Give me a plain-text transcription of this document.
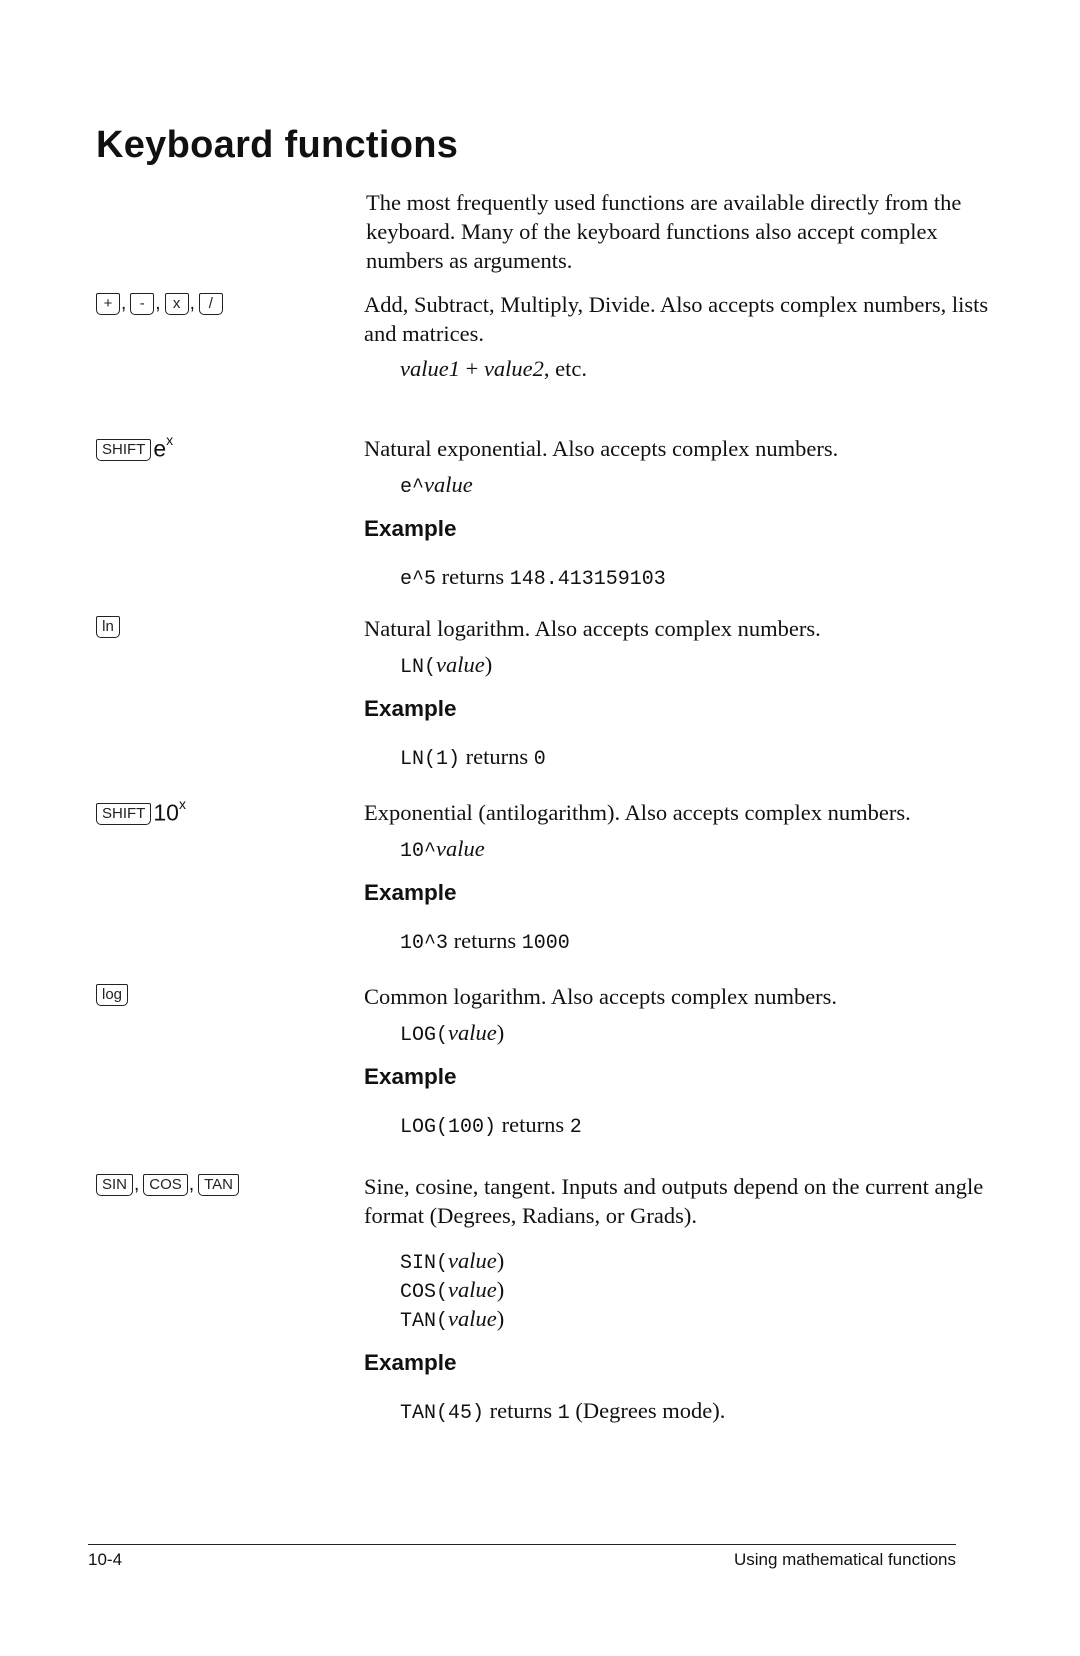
Keyboard functions
The most frequently used functions are available directly from the keyboard. Many of the keyboard functions also accept complex numbers as arguments.
+ , - , x , /	Add, Subtract, Multiply, Divide. Also accepts complex numbers, lists and matrices.
value1 + value2, etc.
SHIFT $e^x$	Natural exponential. Also accepts complex numbers.
e^value
Example
e^5 returns 148.413159103
ln	Natural logarithm. Also accepts complex numbers.
LN(value)
Example
LN(1) returns 0
SHIFT 10$^x$	Exponential (antilogarithm). Also accepts complex numbers.
10^value
Example
10^3 returns 1000
log	Common logarithm. Also accepts complex numbers.
LOG(value)
Example
LOG(100) returns 2
SIN , COS , TAN	Sine, cosine, tangent. Inputs and outputs depend on the current angle format (Degrees, Radians, or Grads).
SIN(value)
COS(value)
TAN(value)
Example
TAN(45) returns 1 (Degrees mode).
10-4	Using mathematical functions
